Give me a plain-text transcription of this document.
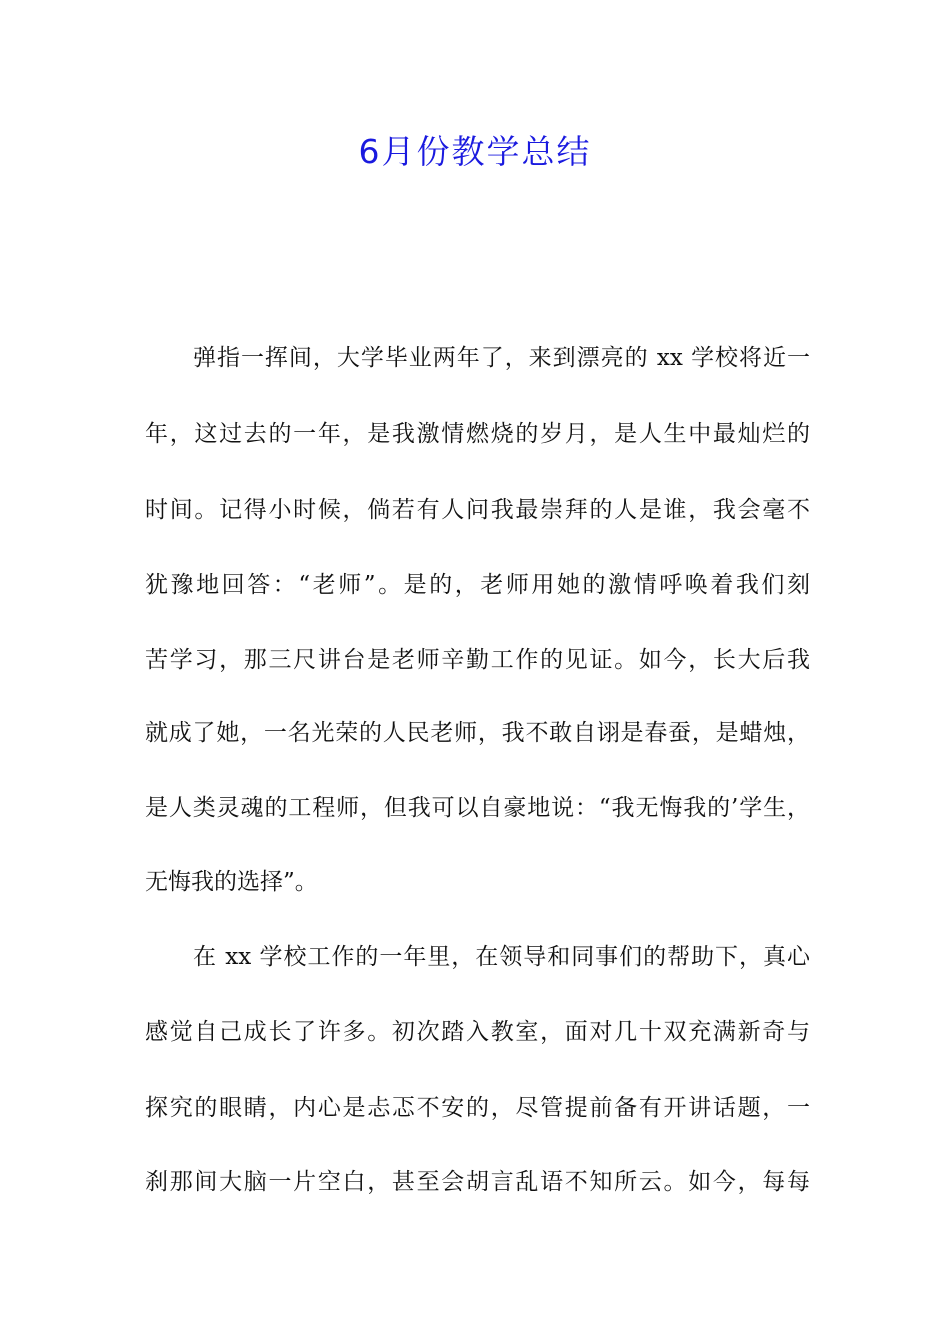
6月份教学总结
弹指一挥间，大学毕业两年了，来到漂亮的 xx 学校将近一
年，这过去的一年，是我激情燃烧的岁月，是人生中最灿烂的
时间。记得小时候，倘若有人问我最崇拜的人是谁，我会毫不
犹豫地回答：“老师”。是的，老师用她的激情呼唤着我们刻
苦学习，那三尺讲台是老师辛勤工作的见证。如今，长大后我
就成了她，一名光荣的人民老师，我不敢自诩是春蚕，是蜡烛，
是人类灵魂的工程师，但我可以自豪地说：“我无悔我的’学生，
无悔我的选择”。
在 xx 学校工作的一年里，在领导和同事们的帮助下，真心
感觉自己成长了许多。初次踏入教室，面对几十双充满新奇与
探究的眼睛，内心是忐忑不安的，尽管提前备有开讲话题，一
刹那间大脑一片空白，甚至会胡言乱语不知所云。如今，每每
